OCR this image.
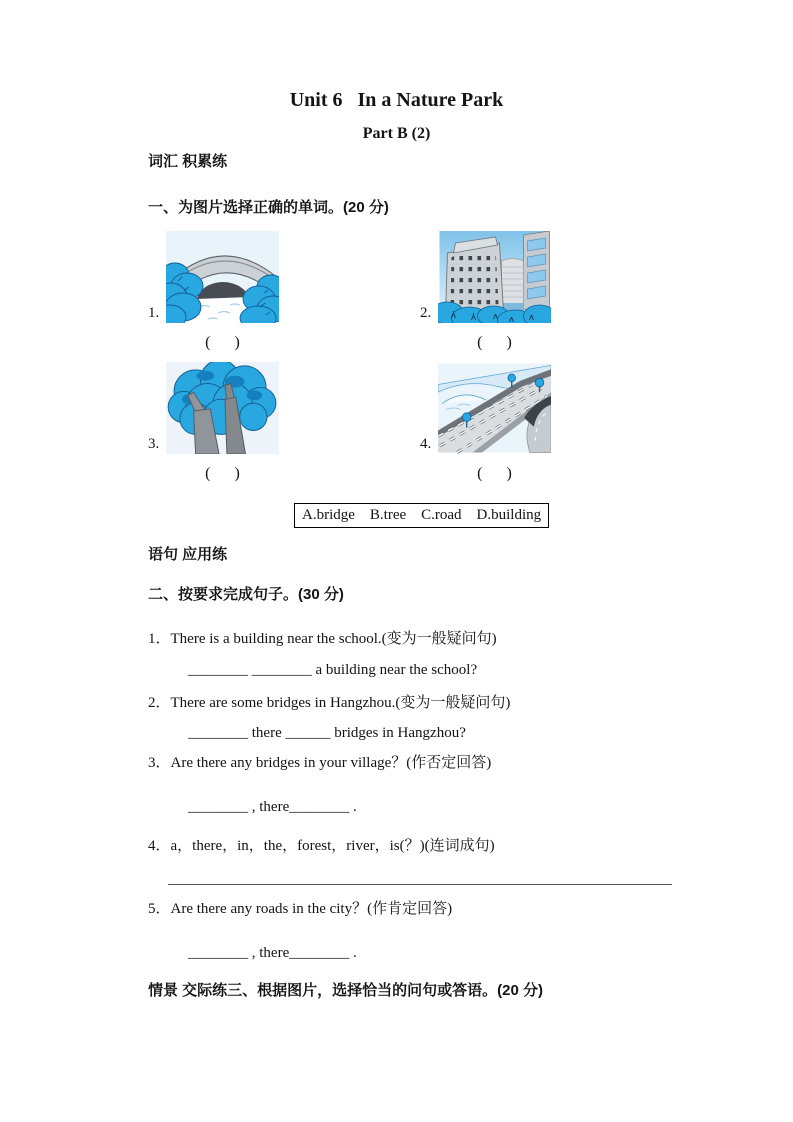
Unit 6   In a Nature Park
Part B (2)
词汇 积累练
一、为图片选择正确的单词。(20 分)
1.
(      )
2.
(      )
3.
(      )
4.
(      )
A.bridge    B.tree    C.road    D.building
语句 应用练
二、按要求完成句子。(30 分)
1．There is a building near the school.(变为一般疑问句)
________ ________ a building near the school?
2．There are some bridges in Hangzhou.(变为一般疑问句)
________ there ______ bridges in Hangzhou?
3．Are there any bridges in your village？(作否定回答)
________ , there________ .
4．a，there，in，the，forest，river，is(？)(连词成句)
5．Are there any roads in the city？(作肯定回答)
________ , there________ .
情景 交际练三、根据图片，选择恰当的问句或答语。(20 分)
